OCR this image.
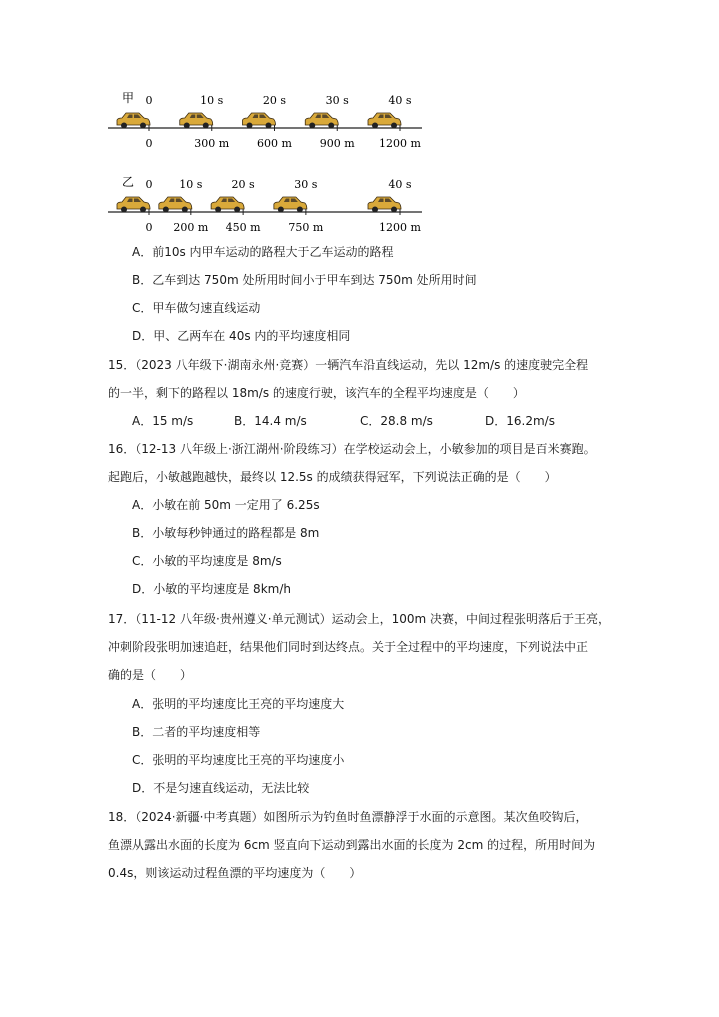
甲 0
0
10 s
300 m
20 s
600 m
30 s
900 m
40 s
1200 m
乙 0
0
10 s
200 m
20 s
450 m
30 s
750 m
40 s
1200 m
A．前10s 内甲车运动的路程大于乙车运动的路程
B．乙车到达 750m 处所用时间小于甲车到达 750m 处所用时间
C．甲车做匀速直线运动
D．甲、乙两车在 40s 内的平均速度相同
15．（2023 八年级下·湖南永州·竞赛）一辆汽车沿直线运动，先以 12m/s 的速度驶完全程
的一半，剩下的路程以 18m/s 的速度行驶，该汽车的全程平均速度是（　　）
A．15 m/s	B．14.4 m/s	C．28.8 m/s	D．16.2m/s
16．（12-13 八年级上·浙江湖州·阶段练习）在学校运动会上，小敏参加的项目是百米赛跑。
起跑后，小敏越跑越快，最终以 12.5s 的成绩获得冠军，下列说法正确的是（　　）
A．小敏在前 50m 一定用了 6.25s
B．小敏每秒钟通过的路程都是 8m
C．小敏的平均速度是 8m/s
D．小敏的平均速度是 8km/h
17．（11-12 八年级·贵州遵义·单元测试）运动会上，100m 决赛，中间过程张明落后于王亮，
冲刺阶段张明加速追赶，结果他们同时到达终点。关于全过程中的平均速度，下列说法中正
确的是（　　）
A．张明的平均速度比王亮的平均速度大
B．二者的平均速度相等
C．张明的平均速度比王亮的平均速度小
D．不是匀速直线运动，无法比较
18．（2024·新疆·中考真题）如图所示为钓鱼时鱼漂静浮于水面的示意图。某次鱼咬钩后，
鱼漂从露出水面的长度为 6cm 竖直向下运动到露出水面的长度为 2cm 的过程，所用时间为
0.4s，则该运动过程鱼漂的平均速度为（　　）
